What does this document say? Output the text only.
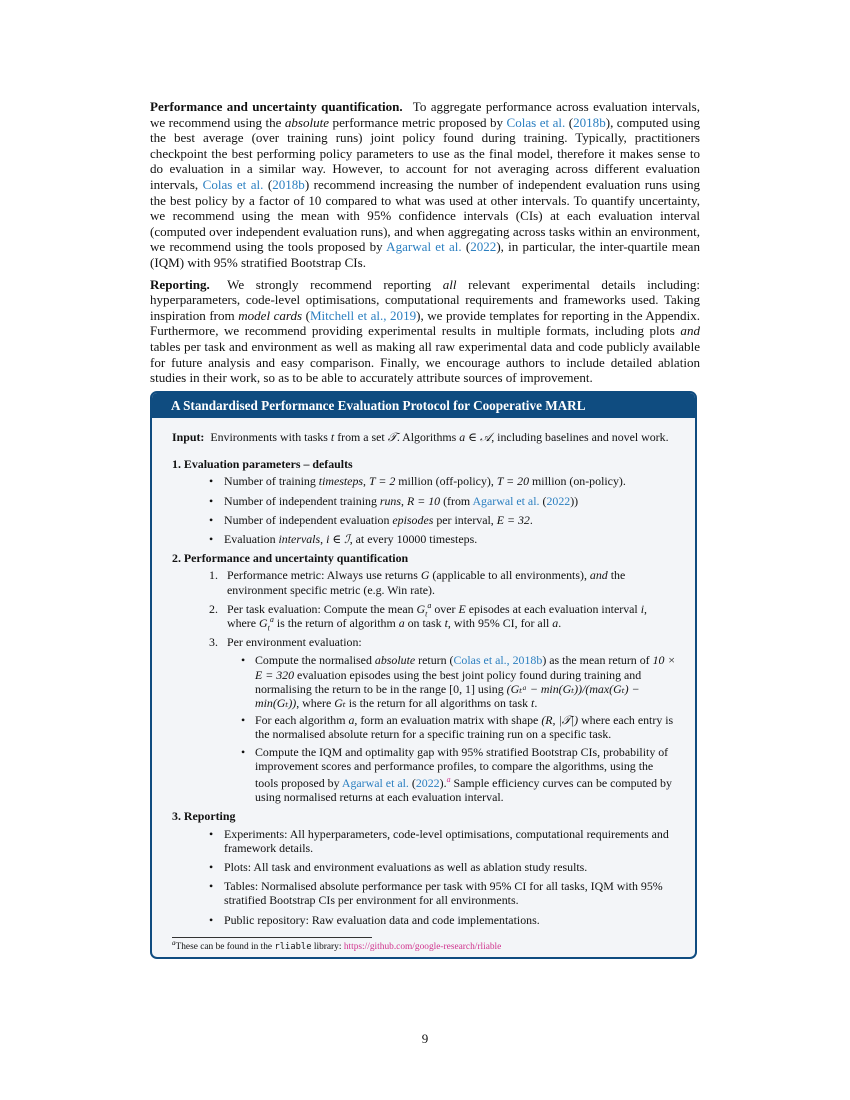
Performance and uncertainty quantification. To aggregate performance across evaluation intervals, we recommend using the absolute performance metric proposed by Colas et al. (2018b), computed using the best average (over training runs) joint policy found during training. Typically, practitioners checkpoint the best performing policy parameters to use as the final model, therefore it makes sense to do evaluation in a similar way. However, to account for not averaging across different evaluation intervals, Colas et al. (2018b) recommend increasing the number of independent evaluation runs using the best policy by a factor of 10 compared to what was used at other intervals. To quantify uncertainty, we recommend using the mean with 95% confidence intervals (CIs) at each evaluation interval (computed over independent evaluation runs), and when aggregating across tasks within an environment, we recommend using the tools proposed by Agarwal et al. (2022), in particular, the inter-quartile mean (IQM) with 95% stratified Bootstrap CIs.

Reporting. We strongly recommend reporting all relevant experimental details including: hyperparameters, code-level optimisations, computational requirements and frameworks used. Taking inspiration from model cards (Mitchell et al., 2019), we provide templates for reporting in the Appendix. Furthermore, we recommend providing experimental results in multiple formats, including plots and tables per task and environment as well as making all raw experimental data and code publicly available for future analysis and easy comparison. Finally, we encourage authors to include detailed ablation studies in their work, so as to be able to accurately attribute sources of improvement.

A Standardised Performance Evaluation Protocol for Cooperative MARL
Input: Environments with tasks t from a set 𝒯. Algorithms a ∈ 𝒜, including baselines and novel work.
1. Evaluation parameters – defaults
• Number of training timesteps, T = 2 million (off-policy), T = 20 million (on-policy).
• Number of independent training runs, R = 10 (from Agarwal et al. (2022))
• Number of independent evaluation episodes per interval, E = 32.
• Evaluation intervals, i ∈ ℐ, at every 10000 timesteps.
2. Performance and uncertainty quantification
1. Performance metric: Always use returns G (applicable to all environments), and the environment specific metric (e.g. Win rate).
2. Per task evaluation: Compute the mean $G_t^a$ over E episodes at each evaluation interval i, where $G_t^a$ is the return of algorithm a on task t, with 95% CI, for all a.
3. Per environment evaluation:
• Compute the normalised absolute return (Colas et al., 2018b) as the mean return of 10 × E = 320 evaluation episodes using the best joint policy found during training and normalising the return to be in the range [0, 1] using (Gₜᵃ − min(Gₜ))/(max(Gₜ) − min(Gₜ)), where Gₜ is the return for all algorithms on task t.
• For each algorithm a, form an evaluation matrix with shape (R, |𝒯|) where each entry is the normalised absolute return for a specific training run on a specific task.
• Compute the IQM and optimality gap with 95% stratified Bootstrap CIs, probability of improvement scores and performance profiles, to compare the algorithms, using the tools proposed by Agarwal et al. (2022).$^a$ Sample efficiency curves can be computed by using normalised returns at each evaluation interval.
3. Reporting
• Experiments: All hyperparameters, code-level optimisations, computational requirements and framework details.
• Plots: All task and environment evaluations as well as ablation study results.
• Tables: Normalised absolute performance per task with 95% CI for all tasks, IQM with 95% stratified Bootstrap CIs per environment for all environments.
• Public repository: Raw evaluation data and code implementations.
$^a$These can be found in the rliable library: https://github.com/google-research/rliable
9
